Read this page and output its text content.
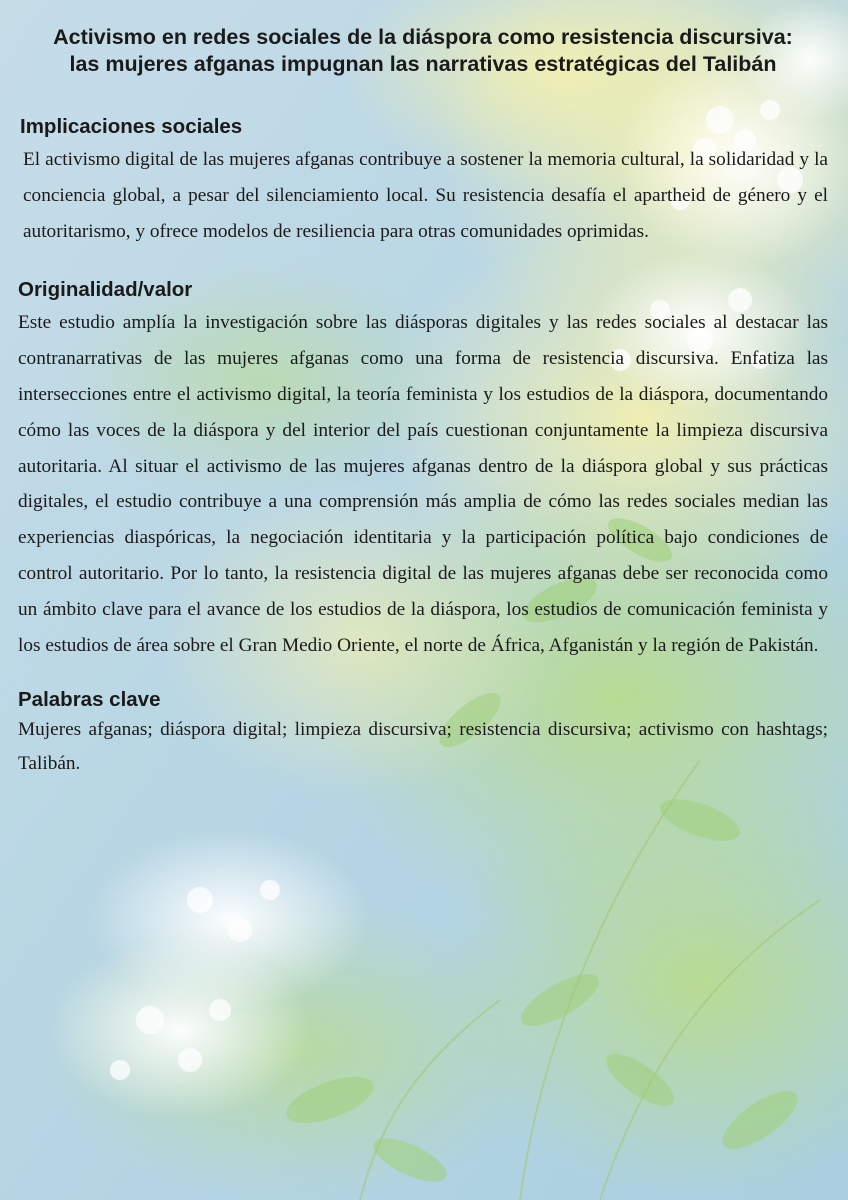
Activismo en redes sociales de la diáspora como resistencia discursiva: las mujeres afganas impugnan las narrativas estratégicas del Talibán
Implicaciones sociales

El activismo digital de las mujeres afganas contribuye a sostener la memoria cultural, la solidaridad y la conciencia global, a pesar del silenciamiento local. Su resistencia desafía el apartheid de género y el autoritarismo, y ofrece modelos de resiliencia para otras comunidades oprimidas.

Originalidad/valor

Este estudio amplía la investigación sobre las diásporas digitales y las redes sociales al destacar las contranarrativas de las mujeres afganas como una forma de resistencia discursiva. Enfatiza las intersecciones entre el activismo digital, la teoría feminista y los estudios de la diáspora, documentando cómo las voces de la diáspora y del interior del país cuestionan conjuntamente la limpieza discursiva autoritaria. Al situar el activismo de las mujeres afganas dentro de la diáspora global y sus prácticas digitales, el estudio contribuye a una comprensión más amplia de cómo las redes sociales median las experiencias diaspóricas, la negociación identitaria y la participación política bajo condiciones de control autoritario. Por lo tanto, la resistencia digital de las mujeres afganas debe ser reconocida como un ámbito clave para el avance de los estudios de la diáspora, los estudios de comunicación feminista y los estudios de área sobre el Gran Medio Oriente, el norte de África, Afganistán y la región de Pakistán.

Palabras clave

Mujeres afganas; diáspora digital; limpieza discursiva; resistencia discursiva; activismo con hashtags; Talibán.
